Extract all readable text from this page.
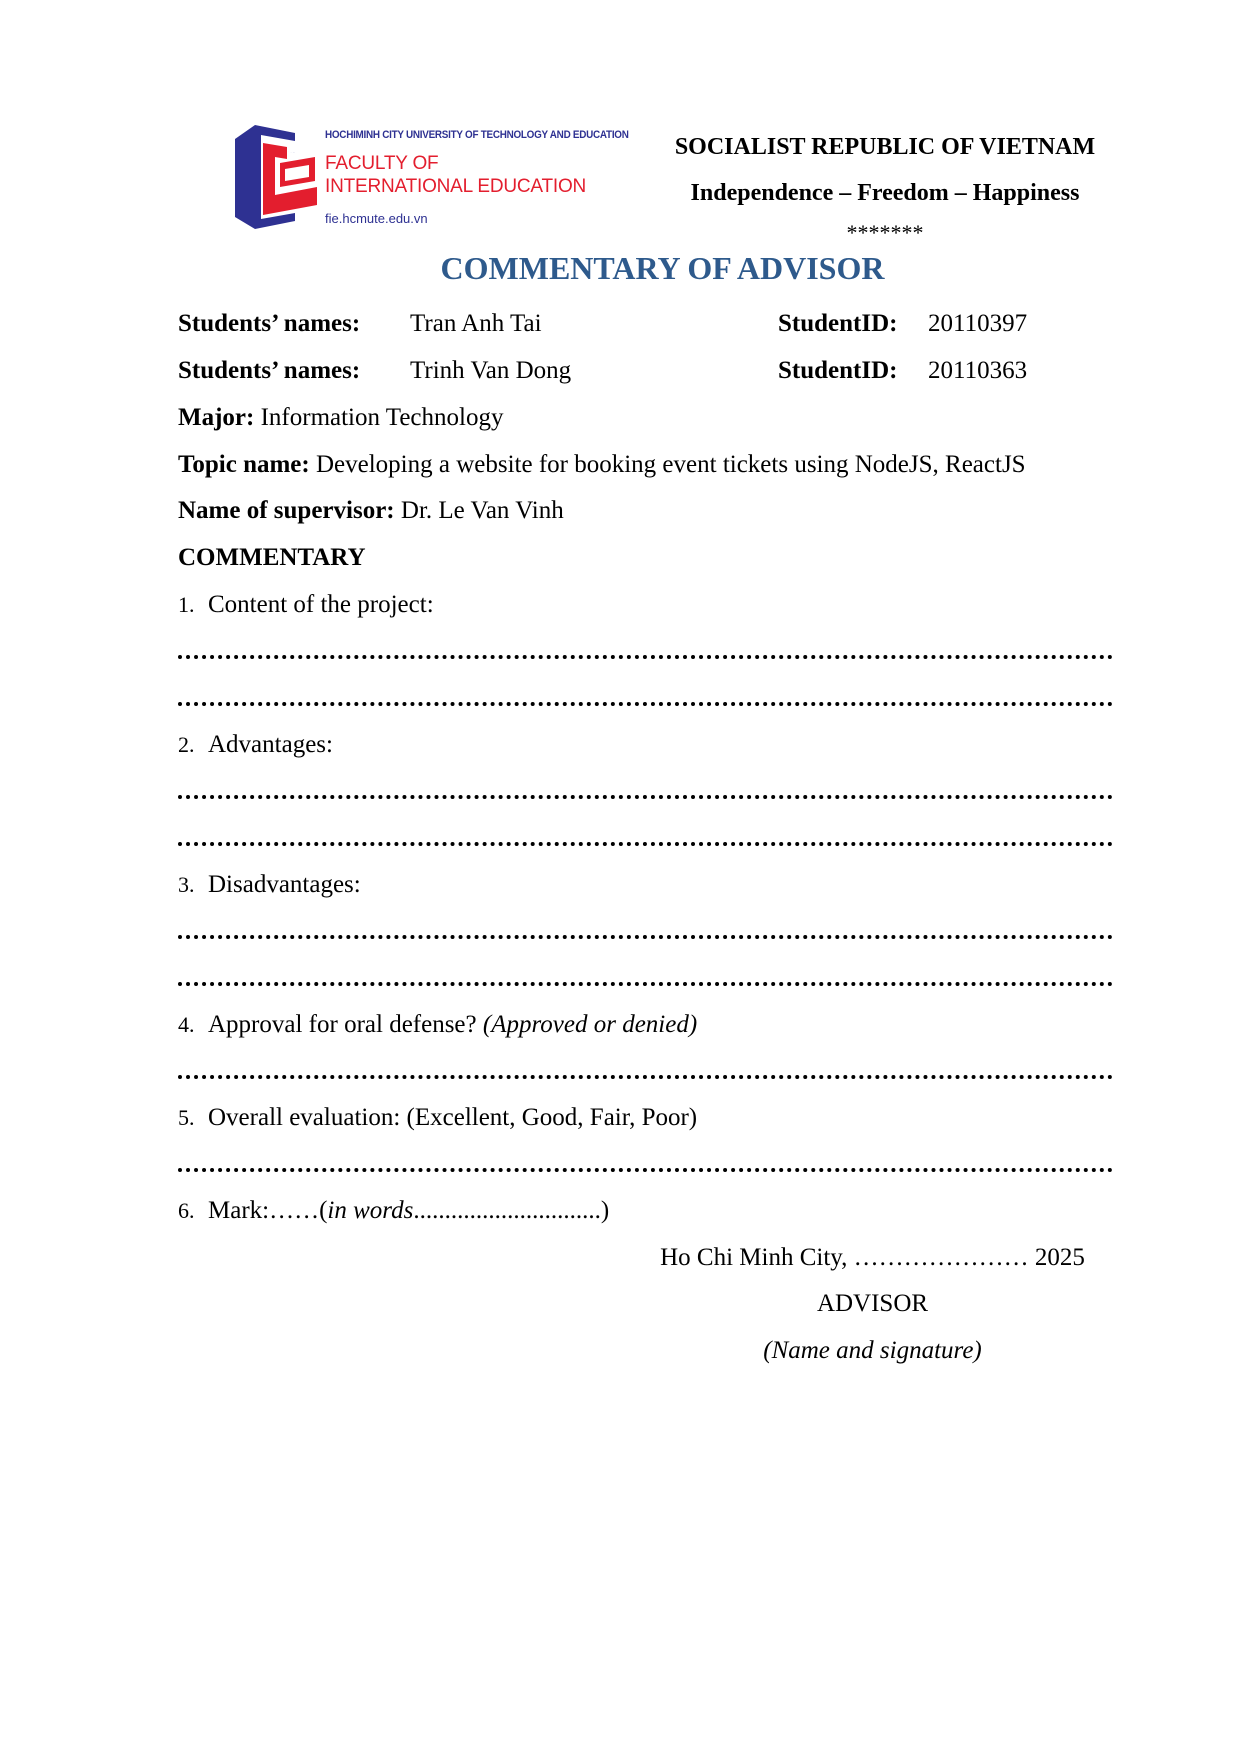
HOCHIMINH CITY UNIVERSITY OF TECHNOLOGY AND EDUCATION
FACULTY OF
INTERNATIONAL EDUCATION
fie.hcmute.edu.vn
SOCIALIST REPUBLIC OF VIETNAM
Independence – Freedom – Happiness
*******
COMMENTARY OF ADVISOR
Students’ names: Tran Anh Tai	StudentID: 20110397
Students’ names: Trinh Van Dong	StudentID: 20110363
Major: Information Technology
Topic name: Developing a website for booking event tickets using NodeJS, ReactJS
Name of supervisor: Dr. Le Van Vinh
COMMENTARY
1. Content of the project:
2. Advantages:
3. Disadvantages:
4. Approval for oral defense? (Approved or denied)
5. Overall evaluation: (Excellent, Good, Fair, Poor)
6. Mark:……(in words..............................)
Ho Chi Minh City, ………………… 2025
ADVISOR
(Name and signature)
